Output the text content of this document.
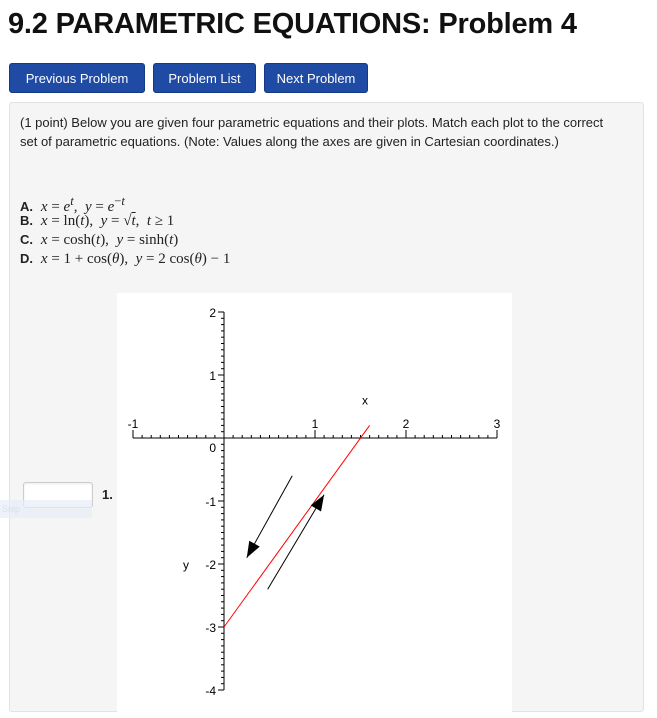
9.2 PARAMETRIC EQUATIONS: Problem 4
Previous Problem	Problem List	Next Problem
(1 point) Below you are given four parametric equations and their plots. Match each plot to the correct set of parametric equations. (Note: Values along the axes are given in Cartesian coordinates.)
A. $x = e^t$,  $y = e^{-t}$
B. x = ln(t),  y = √t,  t ≥ 1
C. x = cosh(t),  y = sinh(t)
D. x = 1 + cos(θ),  y = 2 cos(θ) − 1
-1	1	2	3
2
1
0
-1
-2
-3
-4
x
y
1.
Snip
